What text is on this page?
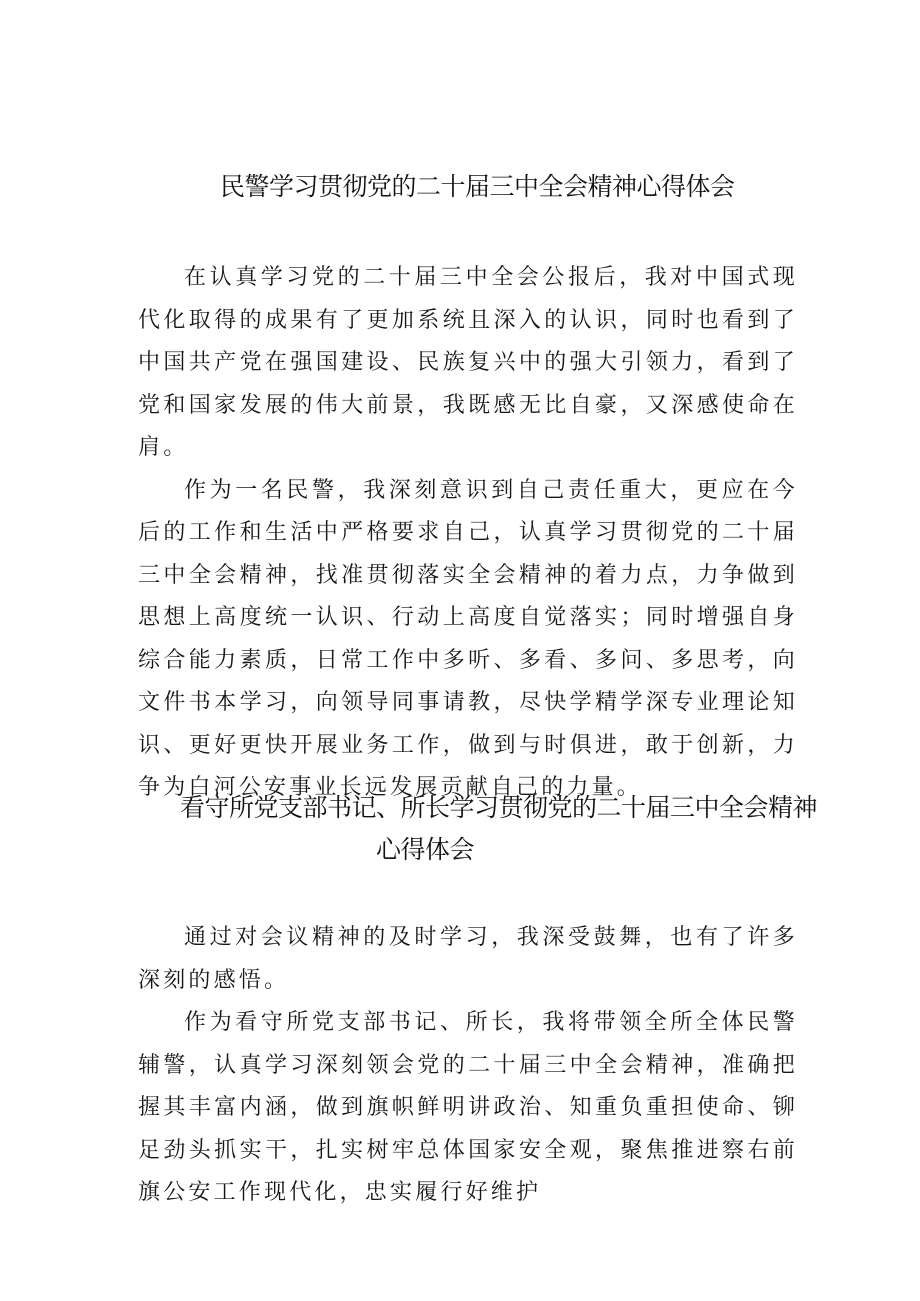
民警学习贯彻党的二十届三中全会精神心得体会

在认真学习党的二十届三中全会公报后，我对中国式现代化取得的成果有了更加系统且深入的认识，同时也看到了中国共产党在强国建设、民族复兴中的强大引领力，看到了党和国家发展的伟大前景，我既感无比自豪，又深感使命在肩。

作为一名民警，我深刻意识到自己责任重大，更应在今后的工作和生活中严格要求自己，认真学习贯彻党的二十届三中全会精神，找准贯彻落实全会精神的着力点，力争做到思想上高度统一认识、行动上高度自觉落实；同时增强自身综合能力素质，日常工作中多听、多看、多问、多思考，向文件书本学习，向领导同事请教，尽快学精学深专业理论知识、更好更快开展业务工作，做到与时俱进，敢于创新，力争为白河公安事业长远发展贡献自己的力量。

看守所党支部书记、所长学习贯彻党的二十届三中全会精神
心得体会

通过对会议精神的及时学习，我深受鼓舞，也有了许多深刻的感悟。

作为看守所党支部书记、所长，我将带领全所全体民警辅警，认真学习深刻领会党的二十届三中全会精神，准确把握其丰富内涵，做到旗帜鲜明讲政治、知重负重担使命、铆足劲头抓实干，扎实树牢总体国家安全观，聚焦推进察右前旗公安工作现代化，忠实履行好维护
